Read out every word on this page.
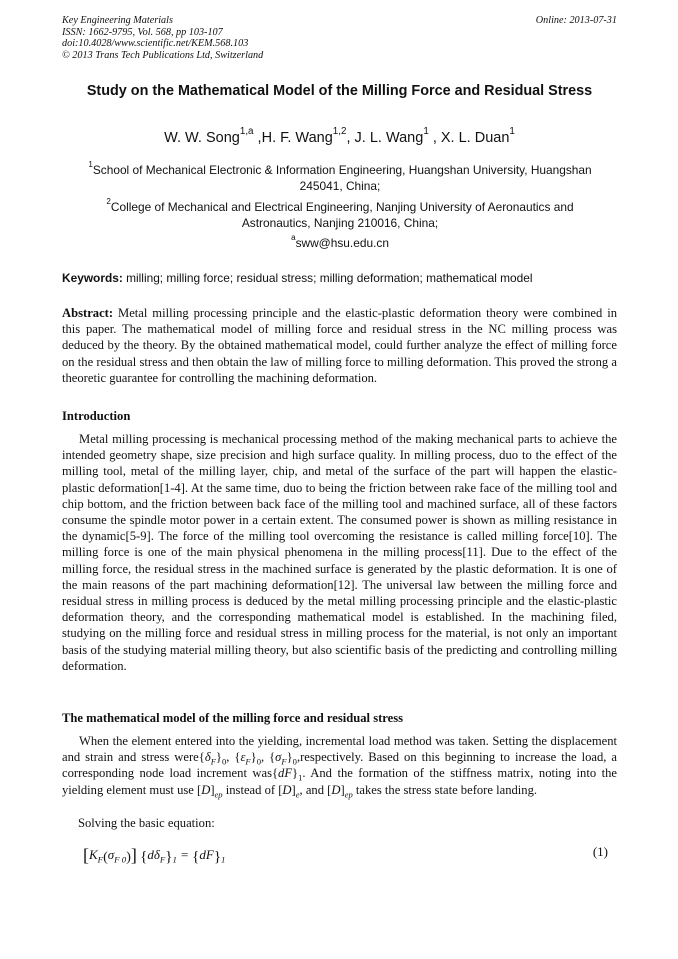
Key Engineering Materials
ISSN: 1662-9795, Vol. 568, pp 103-107
doi:10.4028/www.scientific.net/KEM.568.103
© 2013 Trans Tech Publications Ltd, Switzerland
Online: 2013-07-31
Study on the Mathematical Model of the Milling Force and Residual Stress
W. W. Song$^{1,a}$ ,H. F. Wang$^{1,2}$, J. L. Wang$^1$ , X. L. Duan$^1$
$^1$School of Mechanical Electronic & Information Engineering, Huangshan University, Huangshan 245041, China;
$^2$College of Mechanical and Electrical Engineering, Nanjing University of Aeronautics and Astronautics, Nanjing 210016, China;
$^a$sww@hsu.edu.cn
Keywords: milling; milling force; residual stress; milling deformation; mathematical model
Abstract: Metal milling processing principle and the elastic-plastic deformation theory were combined in this paper. The mathematical model of milling force and residual stress in the NC milling process was deduced by the theory. By the obtained mathematical model, could further analyze the effect of milling force on the residual stress and then obtain the law of milling force to milling deformation. This proved the strong a theoretic guarantee for controlling the machining deformation.
Introduction
Metal milling processing is mechanical processing method of the making mechanical parts to achieve the intended geometry shape, size precision and high surface quality. In milling process, duo to the effect of the milling tool, metal of the milling layer, chip, and metal of the surface of the part will happen the elastic-plastic deformation[1-4]. At the same time, duo to being the friction between rake face of the milling tool and chip bottom, and the friction between back face of the milling tool and machined surface, all of these factors consume the spindle motor power in a certain extent. The consumed power is shown as milling resistance in the dynamic[5-9]. The force of the milling tool overcoming the resistance is called milling force[10]. The milling force is one of the main physical phenomena in the milling process[11]. Due to the effect of the milling force, the residual stress in the machined surface is generated by the plastic deformation. It is one of the main reasons of the part machining deformation[12]. The universal law between the milling force and residual stress in milling process is deduced by the metal milling processing principle and the elastic-plastic deformation theory, and the corresponding mathematical model is established. In the machining filed, studying on the milling force and residual stress in milling process for the material, is not only an important basis of the studying material milling theory, but also scientific basis of the predicting and controlling milling deformation.
The mathematical model of the milling force and residual stress
When the element entered into the yielding, incremental load method was taken. Setting the displacement and strain and stress $were\{\delta_F\}_0$, $\{\varepsilon_F\}_0$, $\{\sigma_F\}_0,respectively$. Based on this beginning to increase the load, a corresponding node load increment $was\{dF\}_1$. And the formation of the stiffness matrix, noting into the yielding element must use $[D]_{ep}$ instead of $[D]_e$, and $[D]_{ep}$ takes the stress state before landing.
Solving the basic equation:
$[K_F(\sigma_{F 0})] \{d\delta_F\}_1 = \{dF\}_1$
(1)
